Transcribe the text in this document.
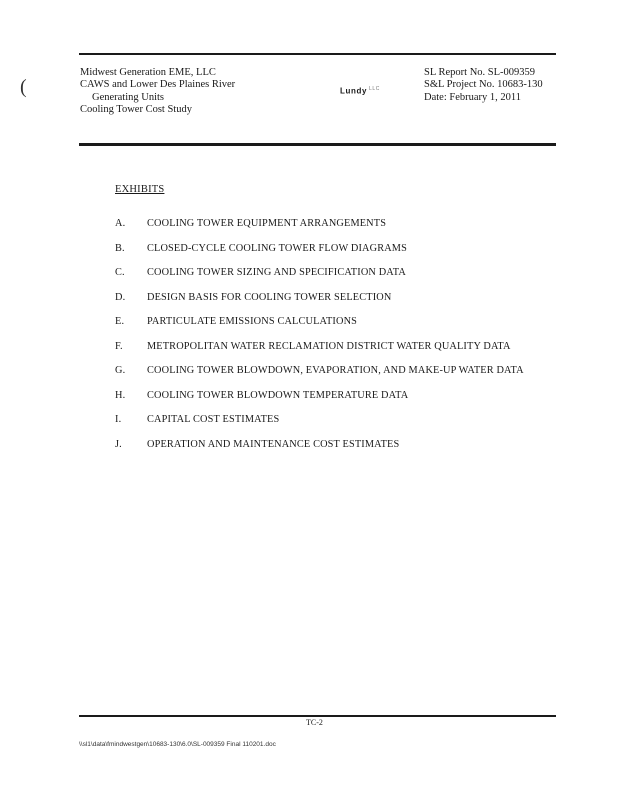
(
Midwest Generation EME, LLC
CAWS and Lower Des Plaines River
Generating Units
Cooling Tower Cost Study
Lundy $^{LLC}$
SL Report No. SL-009359
S&L Project No. 10683-130
Date: February 1, 2011
EXHIBITS
A. COOLING TOWER EQUIPMENT ARRANGEMENTS
B. CLOSED-CYCLE COOLING TOWER FLOW DIAGRAMS
C. COOLING TOWER SIZING AND SPECIFICATION DATA
D. DESIGN BASIS FOR COOLING TOWER SELECTION
E. PARTICULATE EMISSIONS CALCULATIONS
F. METROPOLITAN WATER RECLAMATION DISTRICT WATER QUALITY DATA
G. COOLING TOWER BLOWDOWN, EVAPORATION, AND MAKE-UP WATER DATA
H. COOLING TOWER BLOWDOWN TEMPERATURE DATA
I. CAPITAL COST ESTIMATES
J. OPERATION AND MAINTENANCE COST ESTIMATES
TC-2
\\sl1\data\fmindwestgen\10683-130\6.0\SL-009359 Final 110201.doc
